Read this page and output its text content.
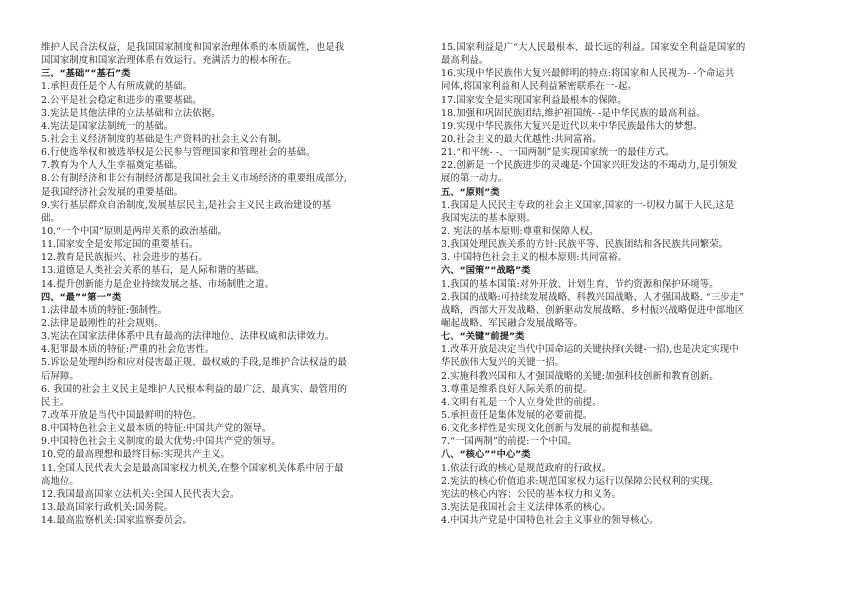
维护人民合法权益，是我国国家制度和国家治理体系的本质属性，也是我
国国家制度和国家治理体系有效运行、充满活力的根本所在。
三、“基础”“基石”类
1.承担责任是个人有所成就的基础。
2.公平是社会稳定和进步的重要基础。
3.宪法是其他法律的立法基础和立法依据。
4.宪法是国家法制统一的基础。
5.社会主义经济制度的基础是生产资料的社会主义公有制。
6.行使选举权和被选举权是公民参与管理国家和管理社会的基础。
7.教育为个人人生幸福奠定基础。
8.公有制经济和非公有制经济都是我国社会主义市场经济的重要组成部分,
是我国经济社会发展的重要基础。
9.实行基层群众自治制度,发展基层民主,是社会主义民主政治建设的基
础。
10.“一个中国”原则是两岸关系的政治基础。
11.国家安全是安邦定国的重要基石。
12.教育是民族振兴、社会进步的基石。
13.道德是人类社会关系的基石，是人际和谐的基础。
14.提升创新能力是企业持续发展之基、市场制胜之道。
四、“最”“第一”类
1.法律最本质的特征:强制性。
2.法律是最刚性的社会规则。
3.宪法在国家法律体系中具有最高的法律地位、法律权威和法律效力。
4.犯罪最本质的特征:严重的社会危害性。
5.诉讼是处理纠纷和应对侵害最正规、最权威的手段,是维护合法权益的最
后屏障。
6. 我国的社会主义民主是维护人民根本利益的最广泛、最真实、最管用的
民主。
7.改革开放是当代中国最鲜明的特色。
8.中国特色社会主义最本质的特征:中国共产党的领导。
9.中国特色社会主义制度的最大优势:中国共产党的领导。
10.党的最高理想和最终目标:实现共产主义。
11.全国人民代表大会是最高国家权力机关,在整个国家机关体系中居于最
高地位。
12.我国最高国家立法机关:全国人民代表大会。
13.最高国家行政机关:国务院。
14.最高监察机关:国家监察委员会。
15.国家利益是广“大人民最根本、最长远的利益。国家安全利益是国家的
最高利益。
16.实现中华民族伟大复兴最鲜明的特点:将国家和人民视为- -个命运共
同体,将国家利益和人民利益紧密联系在一-起。
17.国家安全是实现国家利益最根本的保障。
18.加强和巩固民族团结,维护祖国统- -是中华民族的最高利益。
19.实现中华民族伟大复兴是近代以来中华民族最伟大的梦想。
20.社会主义的最大优越性:共同富裕。
21.“和平统- -、一国两制”是实现国家统一的最佳方式。
22.创新是一个民族进步的灵魂是-个国家兴旺发达的不竭动力,是引领发
展的第一动力。
五、“原则”类
1.我国是人民民主专政的社会主义国家,国家的一-切权力属于人民,这是
我国宪法的基本原则。
2. 宪法的基本原则:尊重和保障人权。
3.我国处理民族关系的方针:民族平等、民族团结和各民族共同繁荣。
3. 中国特色社会主义的根本原则:共同富裕。
六、“国策”“战略”类
1.我国的基本国策:对外开放、计划生育、节约资源和保护环境等。
2.我国的战略:可持续发展战略、科教兴国战略、人才强国战略. “三步走”
战略，西部大开发战略、创新驱动发展战略、乡村振兴战略促进中部地区
崛起战略、军民融合发展战略等。
七、“关键”前提”类
1.改革开放是决定当代中国命运的关键抉择(关键-一招),也是决定实现中
华民族伟大复兴的关键一招。
2.实施科教兴国和人才强国战略的关键:加强科技创新和教育创新。
3.尊重是维系良好人际关系的前提。
4.文明有礼是一个人立身处世的前提。
5.承担责任是集体发展的必要前提。
6.文化多样性是实现文化创新与发展的前提和基础。
7.“一国两制”的前提:一个中国。
八、“核心”“中心”类
1.依法行政的核心是规范政府的行政权。
2.宪法的核心价值追求:规范国家权力运行以保障公民权利的实现。
宪法的核心内容；公民的基本权力和义务。
3.宪法是我国社会主义法律体系的核心。
4.中国共产党是中国特色社会主义事业的领导核心。
